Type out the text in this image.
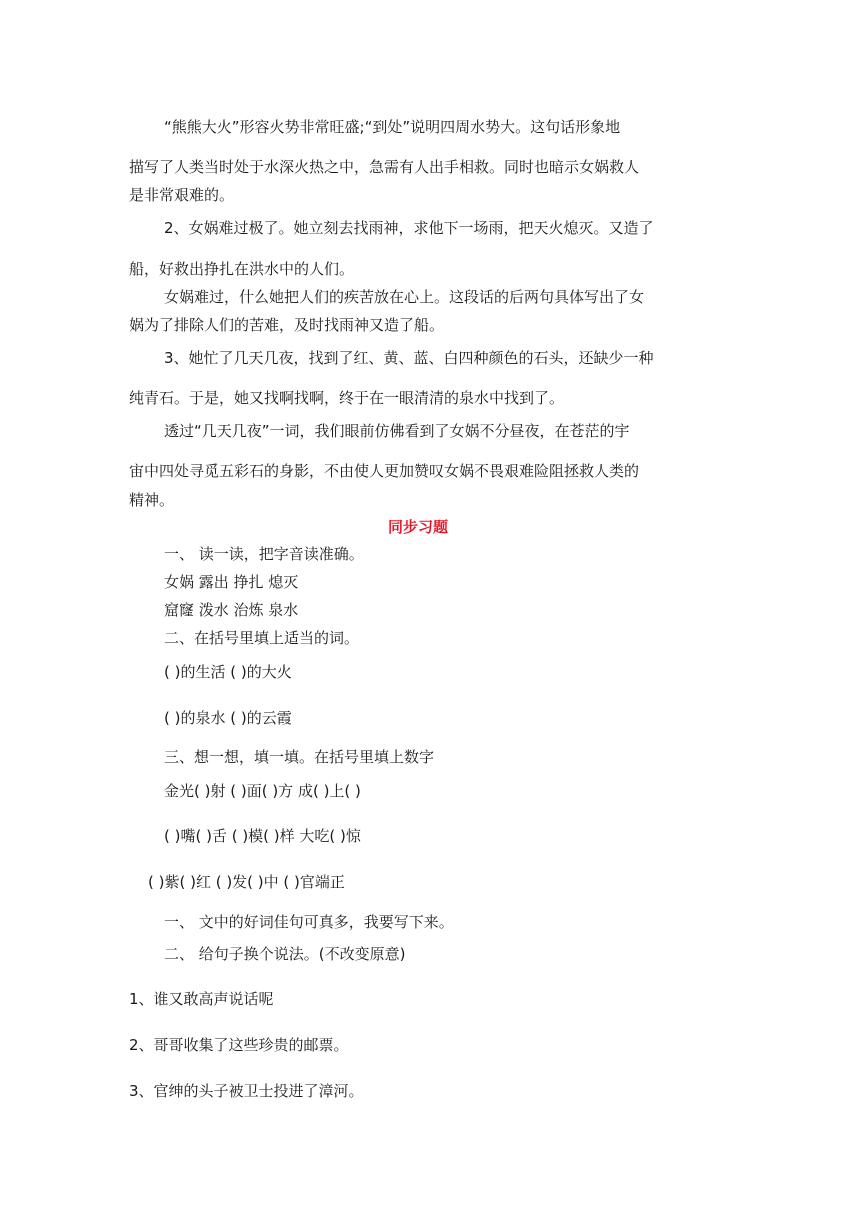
“熊熊大火”形容火势非常旺盛;“到处”说明四周水势大。这句话形象地
描写了人类当时处于水深火热之中，急需有人出手相救。同时也暗示女娲救人
是非常艰难的。
2、女娲难过极了。她立刻去找雨神，求他下一场雨，把天火熄灭。又造了
船，好救出挣扎在洪水中的人们。
女娲难过，什么她把人们的疾苦放在心上。这段话的后两句具体写出了女
娲为了排除人们的苦难，及时找雨神又造了船。
3、她忙了几天几夜，找到了红、黄、蓝、白四种颜色的石头，还缺少一种
纯青石。于是，她又找啊找啊，终于在一眼清清的泉水中找到了。
透过“几天几夜”一词，我们眼前仿佛看到了女娲不分昼夜，在苍茫的宇
宙中四处寻觅五彩石的身影，不由使人更加赞叹女娲不畏艰难险阻拯救人类的
精神。
同步习题
一、 读一读，把字音读准确。
女娲 露出 挣扎 熄灭
窟窿 泼水 治炼 泉水
二、在括号里填上适当的词。
( )的生活 ( )的大火
( )的泉水 ( )的云霞
三、想一想，填一填。在括号里填上数字
金光( )射 ( )面( )方 成( )上( )
( )嘴( )舌 ( )模( )样 大吃( )惊
( )紫( )红 ( )发( )中 ( )官端正
一、 文中的好词佳句可真多，我要写下来。
二、 给句子换个说法。(不改变原意)
1、谁又敢高声说话呢
2、哥哥收集了这些珍贵的邮票。
3、官绅的头子被卫士投进了漳河。
